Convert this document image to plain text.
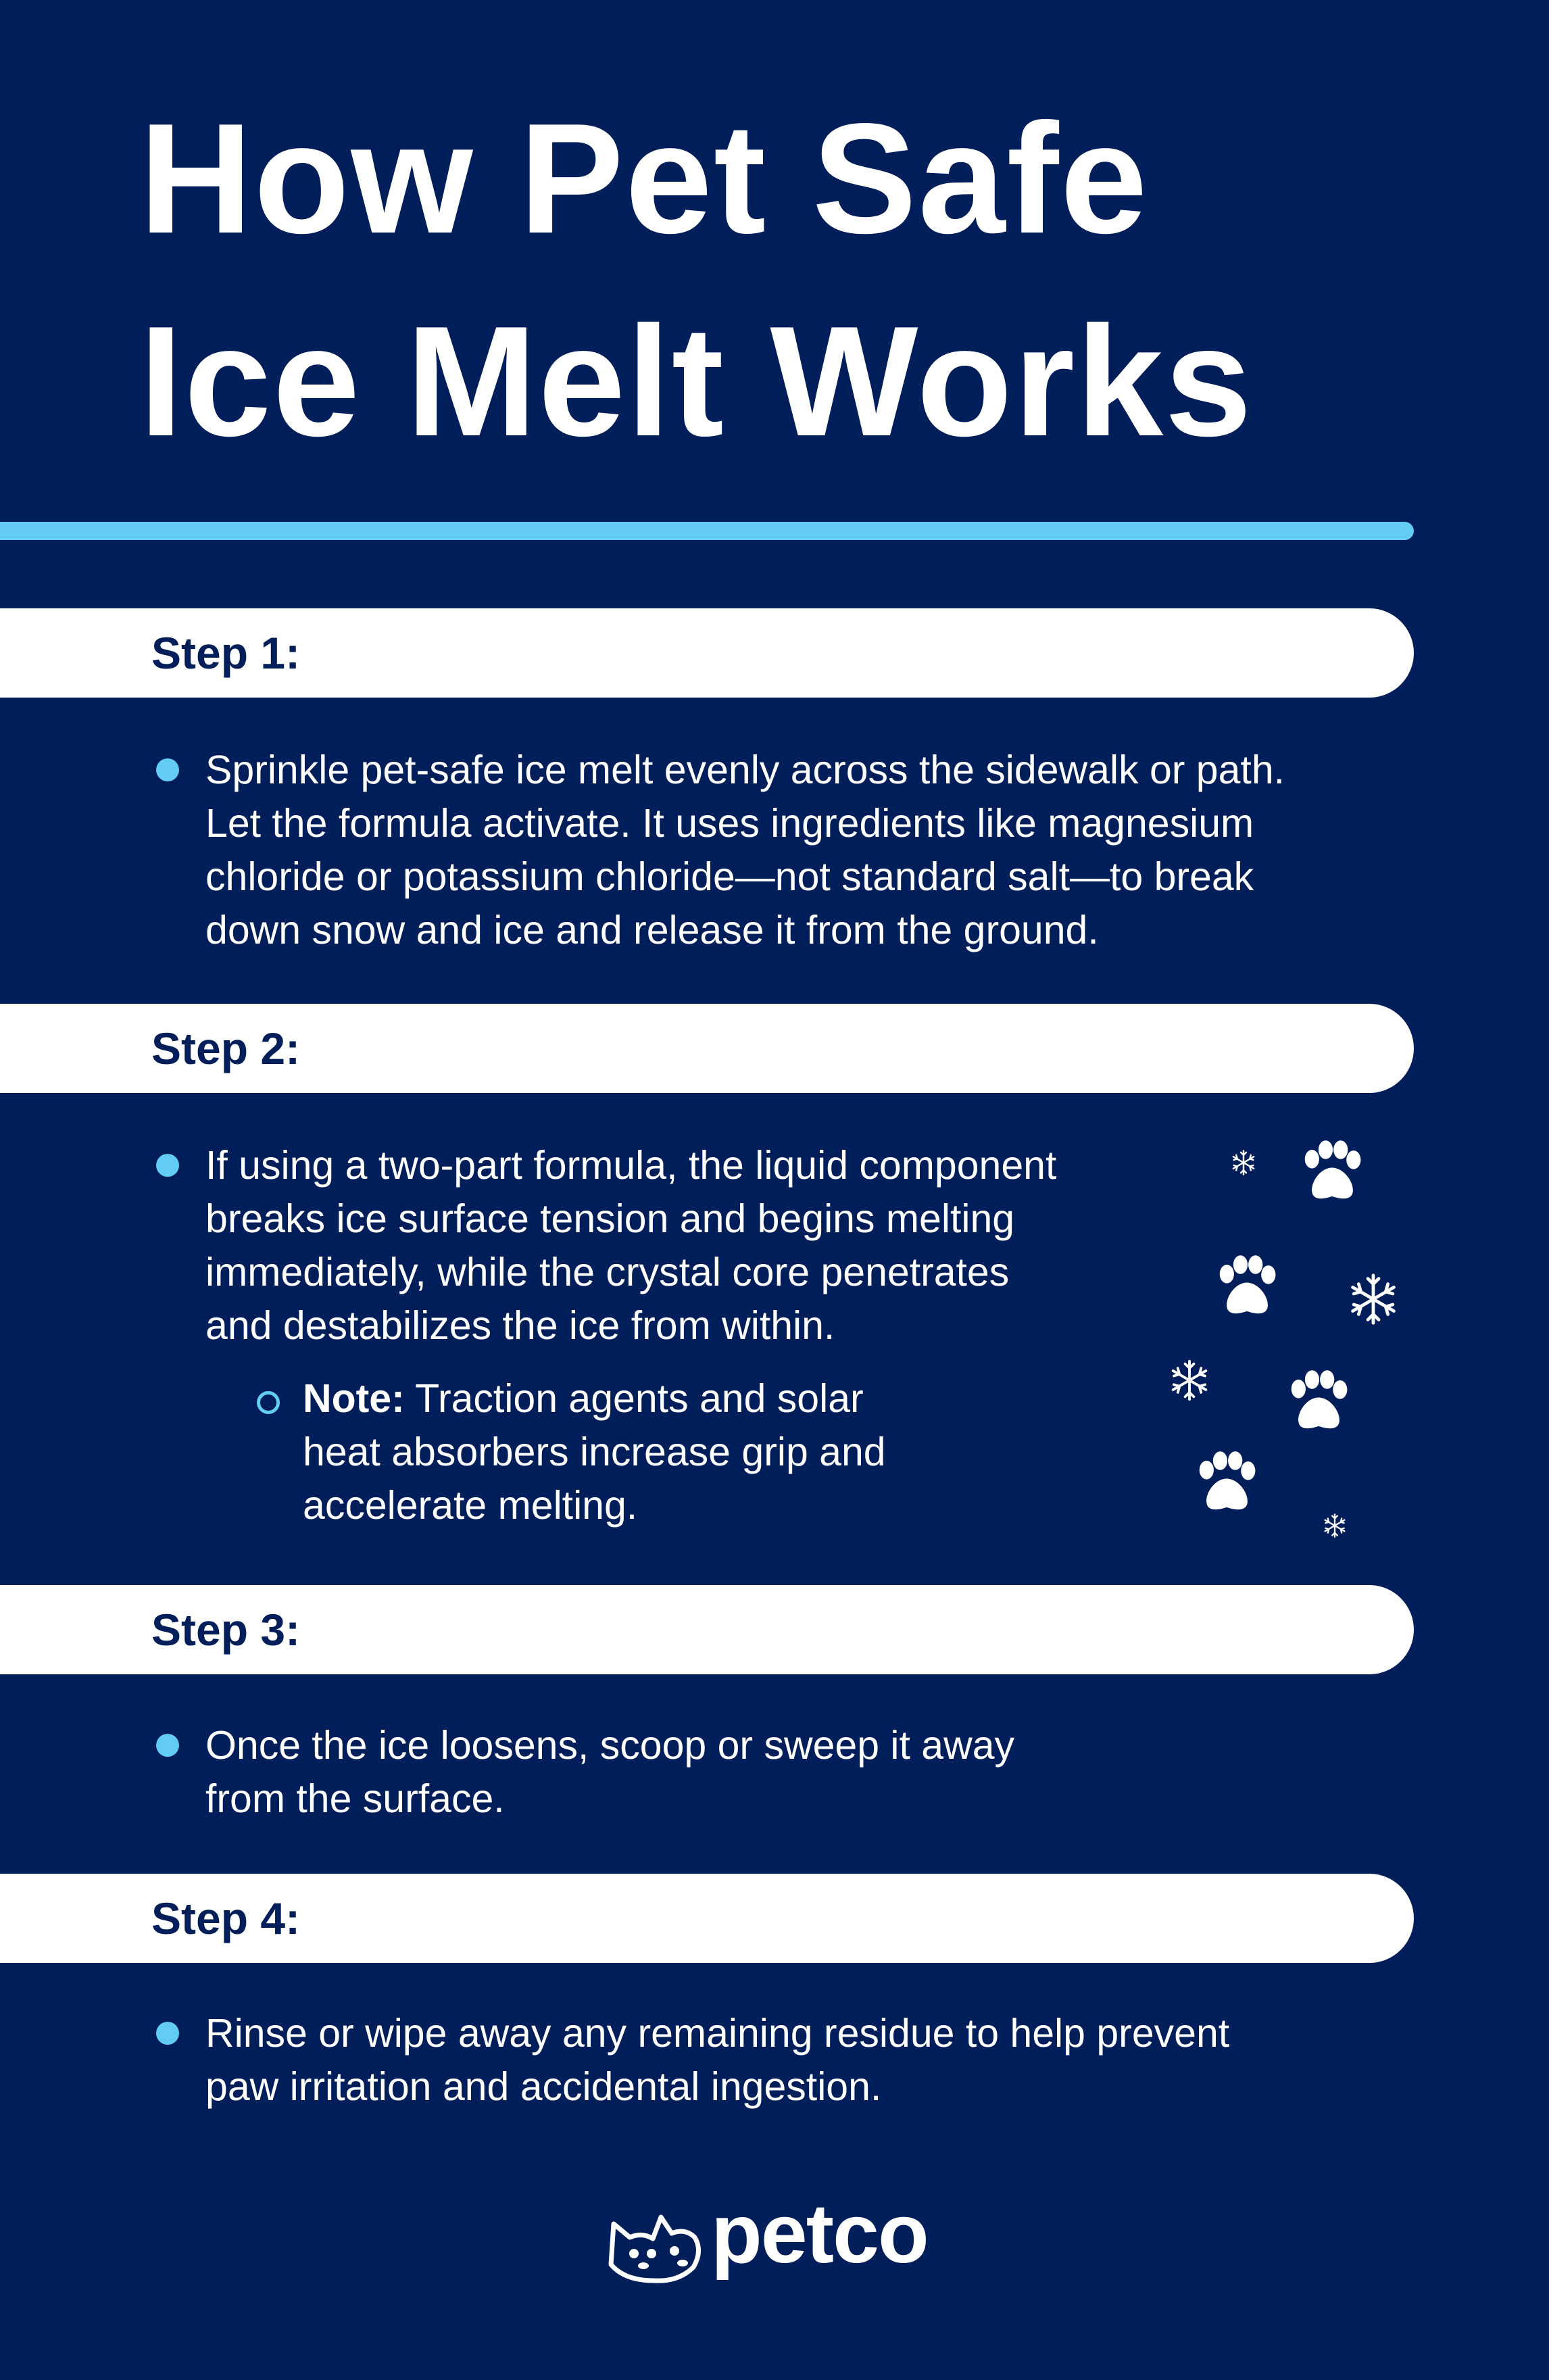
How Pet Safe
Ice Melt Works
Step 1:

Sprinkle pet-safe ice melt evenly across the sidewalk or path.
Let the formula activate. It uses ingredients like magnesium
chloride or potassium chloride—not standard salt—to break
down snow and ice and release it from the ground.

Step 2:

If using a two-part formula, the liquid component
breaks ice surface tension and begins melting
immediately, while the crystal core penetrates
and destabilizes the ice from within.

Note: Traction agents and solar
heat absorbers increase grip and
accelerate melting.

Step 3:

Once the ice loosens, scoop or sweep it away
from the surface.

Step 4:

Rinse or wipe away any remaining residue to help prevent
paw irritation and accidental ingestion.

petco
